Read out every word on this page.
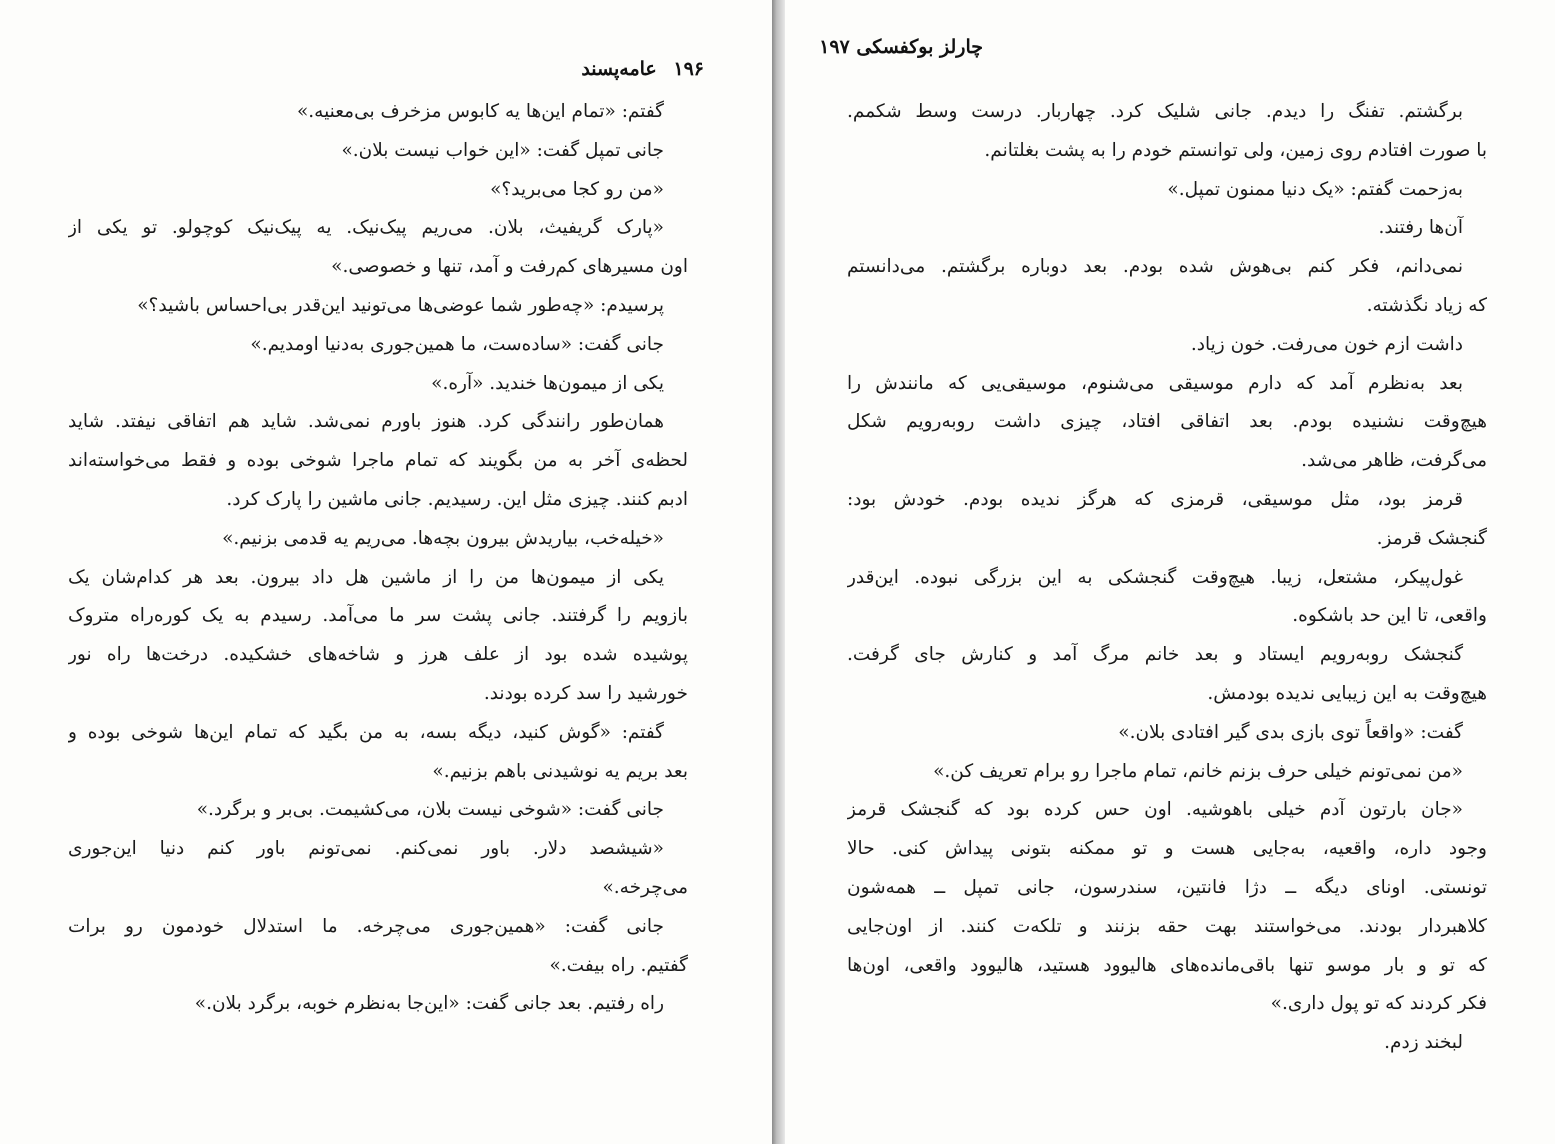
۱۹۶ عامه‌پسند
گفتم: «تمام این‌ها یه کابوس مزخرف بی‌معنیه.»
جانی تمپل گفت: «این خواب نیست بلان.»
«من رو کجا می‌برید؟»
«پارک گریفیث، بلان. می‌ریم پیک‌نیک. یه پیک‌نیک کوچولو. تو یکی از
اون مسیرهای کم‌رفت و آمد، تنها و خصوصی.»
پرسیدم: «چه‌طور شما عوضی‌ها می‌تونید این‌قدر بی‌احساس باشید؟»
جانی گفت: «ساده‌ست، ما همین‌جوری به‌دنیا اومدیم.»
یکی از میمون‌ها خندید. «آره.»
همان‌طور رانندگی کرد. هنوز باورم نمی‌شد. شاید هم اتفاقی نیفتد. شاید
لحظه‌ی آخر به من بگویند که تمام ماجرا شوخی بوده و فقط می‌خواسته‌اند
ادبم کنند. چیزی مثل این. رسیدیم. جانی ماشین را پارک کرد.
«خیله‌خب، بیاریدش بیرون بچه‌ها. می‌ریم یه قدمی بزنیم.»
یکی از میمون‌ها من را از ماشین هل داد بیرون. بعد هر کدام‌شان یک
بازویم را گرفتند. جانی پشت سر ما می‌آمد. رسیدم به یک کوره‌راه متروک
پوشیده شده بود از علف هرز و شاخه‌های خشکیده. درخت‌ها راه نور
خورشید را سد کرده بودند.
گفتم: «گوش کنید، دیگه بسه، به من بگید که تمام این‌ها شوخی بوده و
بعد بریم یه نوشیدنی باهم بزنیم.»
جانی گفت: «شوخی نیست بلان، می‌کشیمت. بی‌بر و برگرد.»
«شیشصد دلار. باور نمی‌کنم. نمی‌تونم باور کنم دنیا این‌جوری
می‌چرخه.»
جانی گفت: «همین‌جوری می‌چرخه. ما استدلال خودمون رو برات
گفتیم. راه بیفت.»
راه رفتیم. بعد جانی گفت: «این‌جا به‌نظرم خوبه، برگرد بلان.»
چارلز بوکفسکی ۱۹۷
برگشتم. تفنگ را دیدم. جانی شلیک کرد. چهاربار. درست وسط شکمم.
با صورت افتادم روی زمین، ولی توانستم خودم را به پشت بغلتانم.
به‌زحمت گفتم: «یک دنیا ممنون تمپل.»
آن‌ها رفتند.
نمی‌دانم، فکر کنم بی‌هوش شده بودم. بعد دوباره برگشتم. می‌دانستم
که زیاد نگذشته.
داشت ازم خون می‌رفت. خون زیاد.
بعد به‌نظرم آمد که دارم موسیقی می‌شنوم، موسیقی‌یی که مانندش را
هیچ‌وقت نشنیده بودم. بعد اتفاقی افتاد، چیزی داشت روبه‌رویم شکل
می‌گرفت، ظاهر می‌شد.
قرمز بود، مثل موسیقی، قرمزی که هرگز ندیده بودم. خودش بود:
گنجشک قرمز.
غول‌پیکر، مشتعل، زیبا. هیچ‌وقت گنجشکی به این بزرگی نبوده. این‌قدر
واقعی، تا این حد باشکوه.
گنجشک روبه‌رویم ایستاد و بعد خانم مرگ آمد و کنارش جای گرفت.
هیچ‌وقت به این زیبایی ندیده بودمش.
گفت: «واقعاً توی بازی بدی گیر افتادی بلان.»
«من نمی‌تونم خیلی حرف بزنم خانم، تمام ماجرا رو برام تعریف کن.»
«جان بارتون آدم خیلی باهوشیه. اون حس کرده بود که گنجشک قرمز
وجود داره، واقعیه، به‌جایی هست و تو ممکنه بتونی پیداش کنی. حالا
تونستی. اونای دیگه ــ دژا فانتین، سندرسون، جانی تمپل ــ همه‌شون
کلاهبردار بودند. می‌خواستند بهت حقه بزنند و تلکه‌ت کنند. از اون‌جایی
که تو و بار موسو تنها باقی‌مانده‌های هالیوود هستید، هالیوود واقعی، اون‌ها
فکر کردند که تو پول داری.»
لبخند زدم.
